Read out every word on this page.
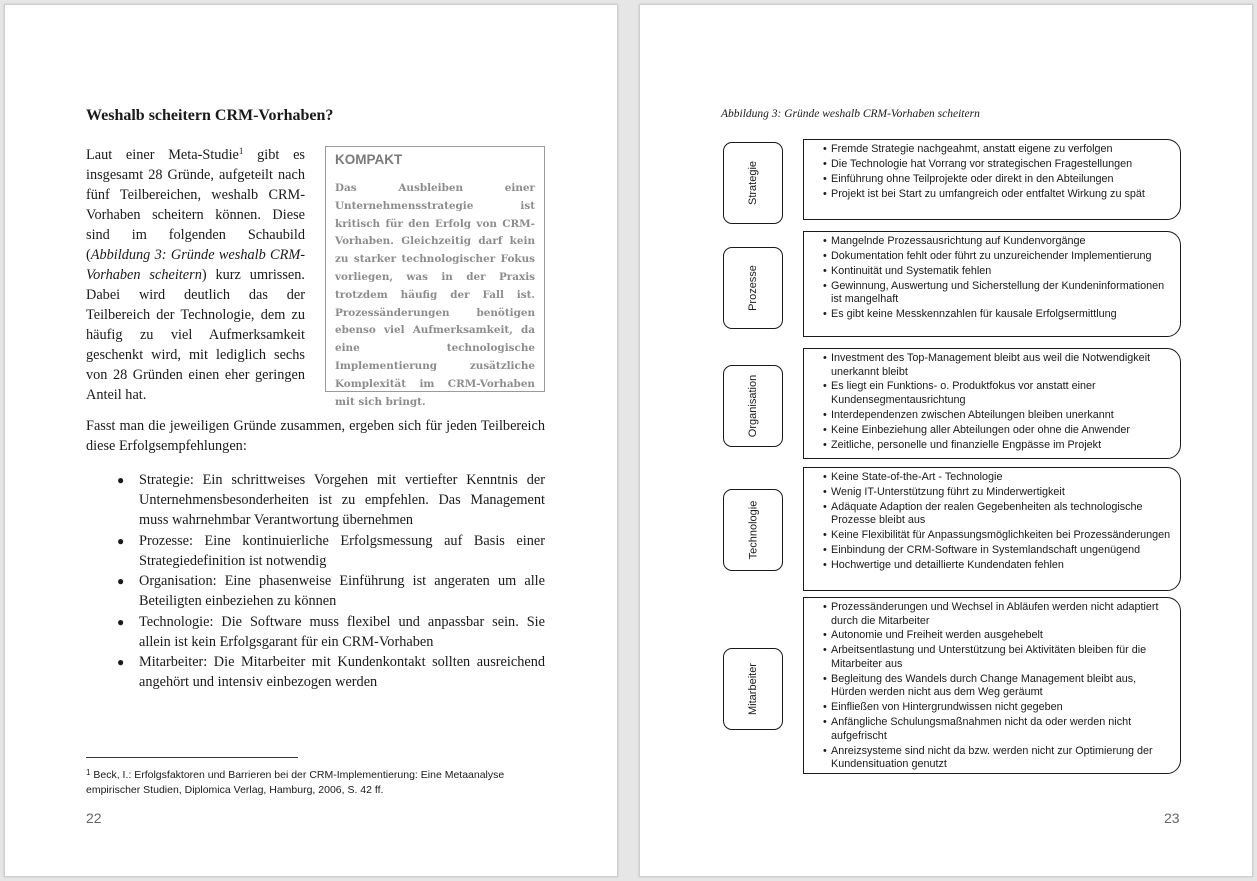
Weshalb scheitern CRM-Vorhaben?

Laut einer Meta-Studie$^1$ gibt es insgesamt 28 Gründe, aufgeteilt nach fünf Teilbereichen, weshalb CRM-Vorhaben scheitern können. Diese sind im folgenden Schaubild (Abbildung 3: Gründe weshalb CRM-Vorhaben scheitern) kurz umrissen. Dabei wird deutlich das der Teilbereich der Technologie, dem zu häufig zu viel Aufmerksamkeit geschenkt wird, mit lediglich sechs von 28 Gründen einen eher geringen Anteil hat.

KOMPAKT
Das Ausbleiben einer Unternehmensstrategie ist kritisch für den Erfolg von CRM-Vorhaben. Gleichzeitig darf kein zu starker technologischer Fokus vorliegen, was in der Praxis trotzdem häufig der Fall ist. Prozessänderungen benötigen ebenso viel Aufmerksamkeit, da eine technologische Implementierung zusätzliche Komplexität im CRM-Vorhaben mit sich bringt.

Fasst man die jeweiligen Gründe zusammen, ergeben sich für jeden Teilbereich diese Erfolgsempfehlungen:

● Strategie: Ein schrittweises Vorgehen mit vertiefter Kenntnis der Unternehmensbesonderheiten ist zu empfehlen. Das Management muss wahrnehmbar Verantwortung übernehmen
● Prozesse: Eine kontinuierliche Erfolgsmessung auf Basis einer Strategiedefinition ist notwendig
● Organisation: Eine phasenweise Einführung ist angeraten um alle Beteiligten einbeziehen zu können
● Technologie: Die Software muss flexibel und anpassbar sein. Sie allein ist kein Erfolgsgarant für ein CRM-Vorhaben
● Mitarbeiter: Die Mitarbeiter mit Kundenkontakt sollten ausreichend angehört und intensiv einbezogen werden

$^1$ Beck, I.: Erfolgsfaktoren und Barrieren bei der CRM-Implementierung: Eine Metaanalyse empirischer Studien, Diplomica Verlag, Hamburg, 2006, S. 42 ff.

22
Abbildung 3: Gründe weshalb CRM-Vorhaben scheitern
Strategie
• Fremde Strategie nachgeahmt, anstatt eigene zu verfolgen
• Die Technologie hat Vorrang vor strategischen Fragestellungen
• Einführung ohne Teilprojekte oder direkt in den Abteilungen
• Projekt ist bei Start zu umfangreich oder entfaltet Wirkung zu spät
Prozesse
• Mangelnde Prozessausrichtung auf Kundenvorgänge
• Dokumentation fehlt oder führt zu unzureichender Implementierung
• Kontinuität und Systematik fehlen
• Gewinnung, Auswertung und Sicherstellung der Kundeninformationen ist mangelhaft
• Es gibt keine Messkennzahlen für kausale Erfolgsermittlung
Organisation
• Investment des Top-Management bleibt aus weil die Notwendigkeit unerkannt bleibt
• Es liegt ein Funktions- o. Produktfokus vor anstatt einer Kundensegmentausrichtung
• Interdependenzen zwischen Abteilungen bleiben unerkannt
• Keine Einbeziehung aller Abteilungen oder ohne die Anwender
• Zeitliche, personelle und finanzielle Engpässe im Projekt
Technologie
• Keine State-of-the-Art - Technologie
• Wenig IT-Unterstützung führt zu Minderwertigkeit
• Adäquate Adaption der realen Gegebenheiten als technologische Prozesse bleibt aus
• Keine Flexibilität für Anpassungsmöglichkeiten bei Prozessänderungen
• Einbindung der CRM-Software in Systemlandschaft ungenügend
• Hochwertige und detaillierte Kundendaten fehlen
Mitarbeiter
• Prozessänderungen und Wechsel in Abläufen werden nicht adaptiert durch die Mitarbeiter
• Autonomie und Freiheit werden ausgehebelt
• Arbeitsentlastung und Unterstützung bei Aktivitäten bleiben für die Mitarbeiter aus
• Begleitung des Wandels durch Change Management bleibt aus, Hürden werden nicht aus dem Weg geräumt
• Einfließen von Hintergrundwissen nicht gegeben
• Anfängliche Schulungsmaßnahmen nicht da oder werden nicht aufgefrischt
• Anreizsysteme sind nicht da bzw. werden nicht zur Optimierung der Kundensituation genutzt
23
